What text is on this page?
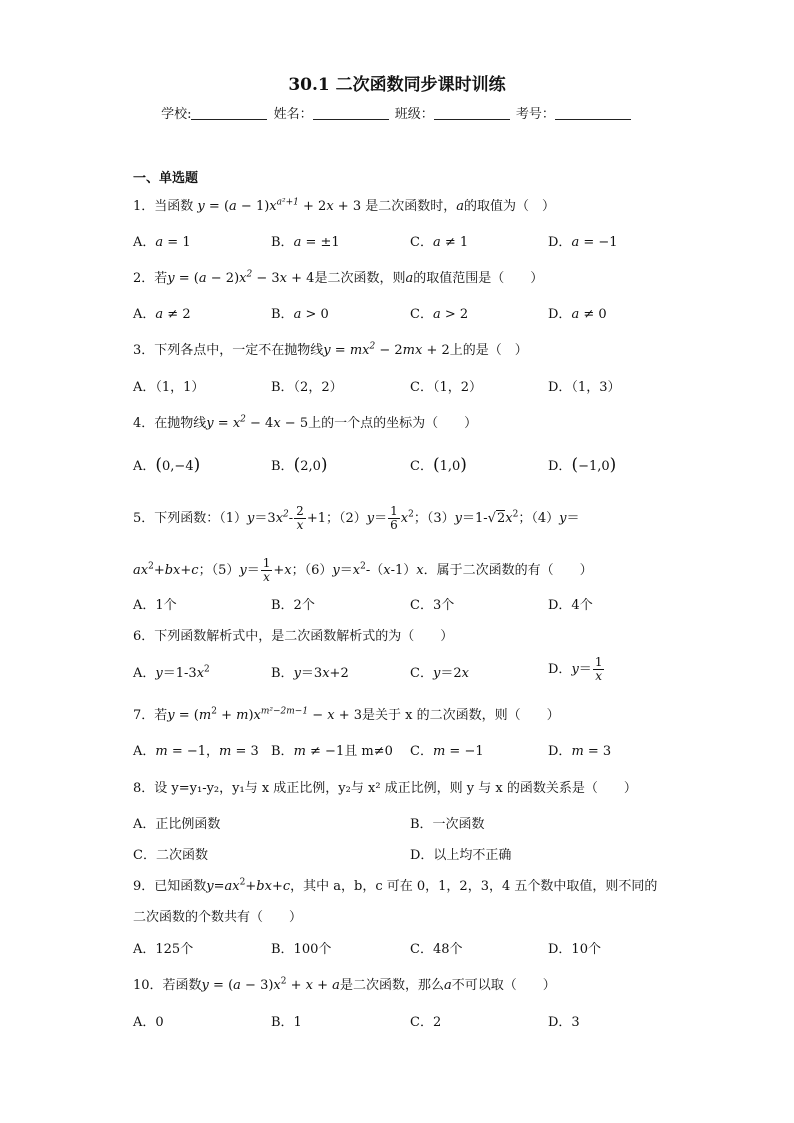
30.1 二次函数同步课时训练
学校:	姓名：	班级：	考号：
一、单选题
1．当函数 $y = (a - 1)x^{a^2+1} + 2x + 3$ 是二次函数时，a的取值为（　）
A．a = 1	B．a = ±1	C．a ≠ 1	D．a = −1
2．若$y = (a - 2)x^2 - 3x + 4$是二次函数，则a的取值范围是（　　）
A．a ≠ 2	B．a > 0	C．a > 2	D．a ≠ 0
3．下列各点中，一定不在抛物线$y = mx^2 - 2mx + 2$上的是（　）
A．（1，1）	B．（2，2）	C．（1，2）	D．（1，3）
4．在抛物线$y = x^2 - 4x - 5$上的一个点的坐标为（　　）
A．(0,−4)	B．(2,0)	C．(1,0)	D．(−1,0)
5．下列函数：$(1)y=3x^2- \frac{2}{x} +1$；$(2)y= \frac{1}{6} x^2$；$(3)y=1-√2x^2$；（4）y＝
$ax^2+bx+c$；$(5)y= \frac{1}{x} +x$；$(6)y=x^2-(x-1)x$．属于二次函数的有（　　）
A．1个	B．2个	C．3个	D．4个
6．下列函数解析式中，是二次函数解析式的为（　　）
A．$y=1-3x^2$	B．y＝3x+2	C．y＝2x	D．$y= \frac{1}{x}$
7．若$y = (m^2 + m)x^{m^2-2m-1} - x + 3$是关于 x 的二次函数，则（　　）
A．m = −1，m = 3 B．m ≠ −1且 m≠0 C．m = −1	D．m = 3
8．设 y=y₁-y₂，y₁与 x 成正比例，y₂与 x² 成正比例，则 y 与 x 的函数关系是（　　）
A．正比例函数	B．一次函数
C．二次函数	D．以上均不正确
9．已知函数$y=ax^2+bx+c$，其中 a，b，c 可在 0，1，2，3，4 五个数中取值，则不同的
二次函数的个数共有（　　）
A．125个	B．100个	C．48个	D．10个
10．若函数$y = (a - 3)x^2 + x + a$是二次函数，那么a不可以取（　　）
A．0	B．1	C．2	D．3
